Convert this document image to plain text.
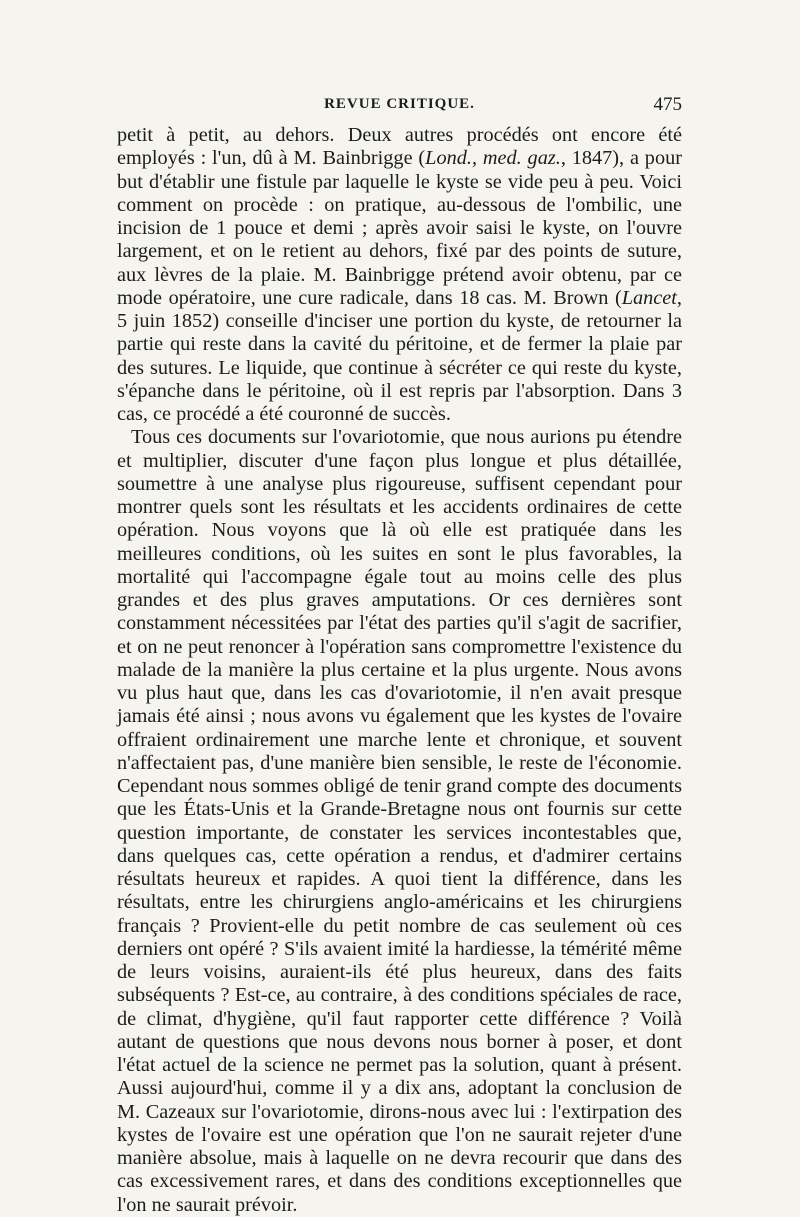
REVUE CRITIQUE.	475

petit à petit, au dehors. Deux autres procédés ont encore été employés : l'un, dû à M. Bainbrigge (Lond., med. gaz., 1847), a pour but d'établir une fistule par laquelle le kyste se vide peu à peu. Voici comment on procède : on pratique, au-dessous de l'ombilic, une incision de 1 pouce et demi ; après avoir saisi le kyste, on l'ouvre largement, et on le retient au dehors, fixé par des points de suture, aux lèvres de la plaie. M. Bainbrigge prétend avoir obtenu, par ce mode opératoire, une cure radicale, dans 18 cas. M. Brown (Lancet, 5 juin 1852) conseille d'inciser une portion du kyste, de retourner la partie qui reste dans la cavité du péritoine, et de fermer la plaie par des sutures. Le liquide, que continue à sécréter ce qui reste du kyste, s'épanche dans le péritoine, où il est repris par l'absorption. Dans 3 cas, ce procédé a été couronné de succès.

Tous ces documents sur l'ovariotomie, que nous aurions pu étendre et multiplier, discuter d'une façon plus longue et plus détaillée, soumettre à une analyse plus rigoureuse, suffisent cependant pour montrer quels sont les résultats et les accidents ordinaires de cette opération. Nous voyons que là où elle est pratiquée dans les meilleures conditions, où les suites en sont le plus favorables, la mortalité qui l'accompagne égale tout au moins celle des plus grandes et des plus graves amputations. Or ces dernières sont constamment nécessitées par l'état des parties qu'il s'agit de sacrifier, et on ne peut renoncer à l'opération sans compromettre l'existence du malade de la manière la plus certaine et la plus urgente. Nous avons vu plus haut que, dans les cas d'ovariotomie, il n'en avait presque jamais été ainsi ; nous avons vu également que les kystes de l'ovaire offraient ordinairement une marche lente et chronique, et souvent n'affectaient pas, d'une manière bien sensible, le reste de l'économie. Cependant nous sommes obligé de tenir grand compte des documents que les États-Unis et la Grande-Bretagne nous ont fournis sur cette question importante, de constater les services incontestables que, dans quelques cas, cette opération a rendus, et d'admirer certains résultats heureux et rapides. A quoi tient la différence, dans les résultats, entre les chirurgiens anglo-américains et les chirurgiens français ? Provient-elle du petit nombre de cas seulement où ces derniers ont opéré ? S'ils avaient imité la hardiesse, la témérité même de leurs voisins, auraient-ils été plus heureux, dans des faits subséquents ? Est-ce, au contraire, à des conditions spéciales de race, de climat, d'hygiène, qu'il faut rapporter cette différence ? Voilà autant de questions que nous devons nous borner à poser, et dont l'état actuel de la science ne permet pas la solution, quant à présent. Aussi aujourd'hui, comme il y a dix ans, adoptant la conclusion de M. Cazeaux sur l'ovariotomie, dirons-nous avec lui : l'extirpation des kystes de l'ovaire est une opération que l'on ne saurait rejeter d'une manière absolue, mais à laquelle on ne devra recourir que dans des cas excessivement rares, et dans des conditions exceptionnelles que l'on ne saurait prévoir.
